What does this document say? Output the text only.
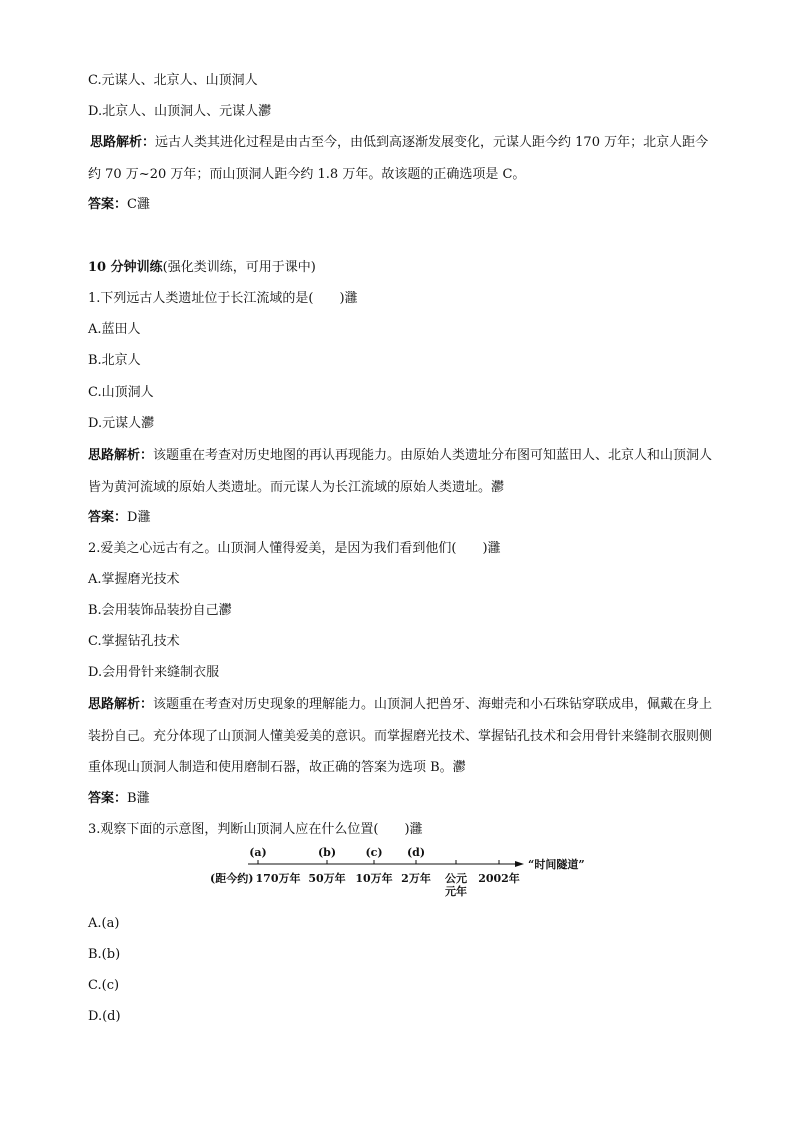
C.元谋人、北京人、山顶洞人

D.北京人、山顶洞人、元谋人灪

思路解析：远古人类其进化过程是由古至今，由低到高逐渐发展变化，元谋人距今约 170 万年；北京人距今约 70 万~20 万年；而山顶洞人距今约 1.8 万年。故该题的正确选项是 C。

答案：C灉

10 分钟训练(强化类训练，可用于课中)

1.下列远古人类遗址位于长江流域的是(　　)灉

A.蓝田人

B.北京人

C.山顶洞人

D.元谋人灪

思路解析：该题重在考查对历史地图的再认再现能力。由原始人类遗址分布图可知蓝田人、北京人和山顶洞人皆为黄河流域的原始人类遗址。而元谋人为长江流域的原始人类遗址。灪

答案：D灉

2.爱美之心远古有之。山顶洞人懂得爱美，是因为我们看到他们(　　)灉

A.掌握磨光技术

B.会用装饰品装扮自己灪

C.掌握钻孔技术

D.会用骨针来缝制衣服

思路解析：该题重在考查对历史现象的理解能力。山顶洞人把兽牙、海蚶壳和小石珠钻穿联成串，佩戴在身上装扮自己。充分体现了山顶洞人懂美爱美的意识。而掌握磨光技术、掌握钻孔技术和会用骨针来缝制衣服则侧重体现山顶洞人制造和使用磨制石器，故正确的答案为选项 B。灪

答案：B灉

3.观察下面的示意图，判断山顶洞人应在什么位置(　　)灉

(a)	(b)	(c) (d)
(距今约) 170万年 50万年 10万年 2万年 公元
元年
2002年
“时间隧道”

A.(a)

B.(b)

C.(c)

D.(d)
